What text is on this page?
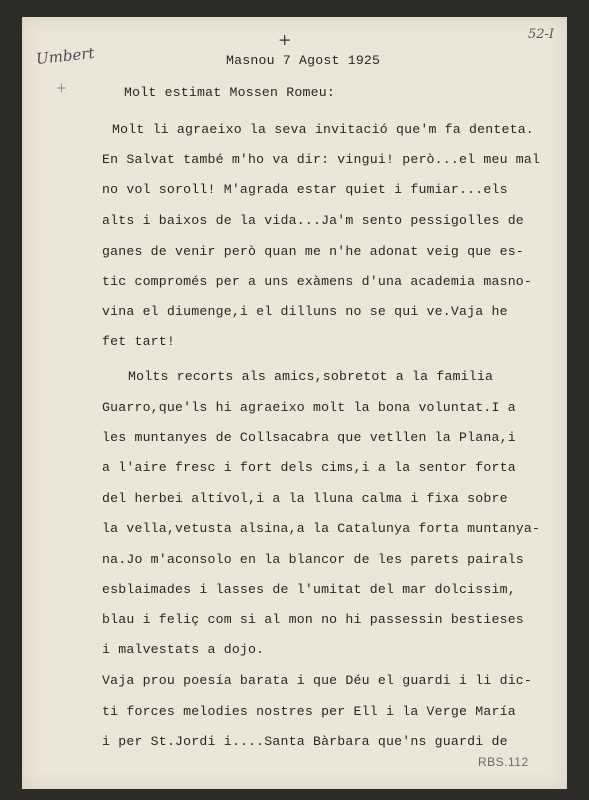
Umbert
+
+	52-I
Masnou 7 Agost 1925
Molt estimat Mossen Romeu:
Molt li agraeixo la seva invitació que'm fa denteta.
En Salvat també m'ho va dir: vingui! però...el meu mal
no vol soroll! M'agrada estar quiet i fumiar...els
alts i baixos de la vida...Ja'm sento pessigolles de
ganes de venir però quan me n'he adonat veig que es-
tic compromés per a uns exàmens d'una academia masno-
vina el diumenge,i el dilluns no se qui ve.Vaja he
fet tart!
Molts recorts als amics,sobretot a la familia
Guarro,que'ls hi agraeixo molt la bona voluntat.I a
les muntanyes de Collsacabra que vetllen la Plana,i
a l'aire fresc i fort dels cims,i a la sentor forta
del herbei altívol,i a la lluna calma i fixa sobre
la vella,vetusta alsina,a la Catalunya forta muntanya-
na.Jo m'aconsolo en la blancor de les parets pairals
esblaimades i lasses de l'umitat del mar dolcissim,
blau i feliç com si al mon no hi passessin bestieses
i malvestats a dojo.
Vaja prou poesía barata i que Déu el guardi i li dic-
ti forces melodies nostres per Ell i la Verge María
i per St.Jordi i....Santa Bàrbara que'ns guardi de
RBS.112
